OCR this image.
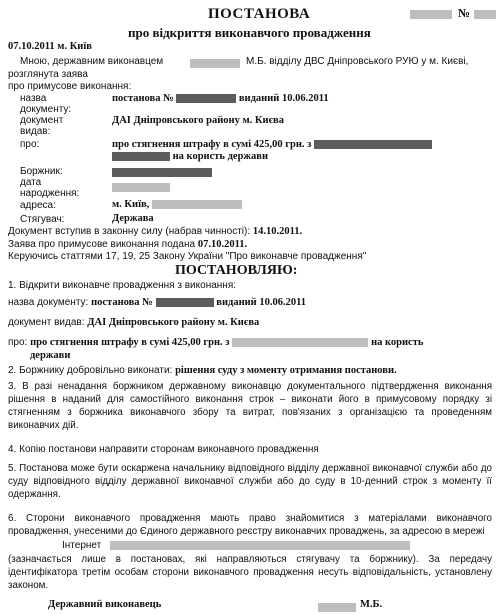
ПОСТАНОВА	№
про відкриття виконавчого провадження
07.10.2011 м. Київ
Мною, державним виконавцем	М.Б. відділу ДВС Дніпровського РУЮ у м. Києві,
розглянута заява
про примусове виконання:
назва документу:
постанова №	виданий 10.06.2011
документ видав:
ДАІ Дніпровського району м. Києва
про:	про стягнення штрафу в сумі 425,00 грн. з
на користь держави
Боржник:
дата народження:
адреса:	м. Київ,
Стягувач:	Держава
Документ вступив в законну силу (набрав чинності): 14.10.2011.
Заява про примусове виконання подана 07.10.2011.
Керуючись статтями 17, 19, 25 Закону України "Про виконавче провадження"
ПОСТАНОВЛЯЮ:
1. Відкрити виконавче провадження з виконання:
назва документу: постанова №	виданий 10.06.2011
документ видав: ДАІ Дніпровського району м. Києва
про: про стягнення штрафу в сумі 425,00 грн. з	на користь
держави
2. Боржнику добровільно виконати: рішення суду з моменту отримання постанови.
3. В разі ненадання боржником державному виконавцю документального підтвердження виконання рішення в наданий для самостійного виконання строк – виконати його в примусовому порядку зі стягненням з боржника виконавчого збору та витрат, пов'язаних з організацією та проведенням виконавчих дій.
4. Копію постанови направити сторонам виконавчого провадження
5. Постанова може бути оскаржена начальнику відповідного відділу державної виконавчої служби або до суду відповідного відділу державної виконавчої служби або до суду в 10-денний строк з моменту її одержання.
6. Сторони виконавчого провадження мають право знайомитися з матеріалами виконавчого провадження, унесеними до Єдиного державного реєстру виконавчих проваджень, за адресою в мережі
Інтернет
(зазначається лише в постановах, які направляються стягувачу та боржнику). За передачу ідентифікатора третім особам сторони виконавчого провадження несуть відповідальність, установлену законом.
Державний виконавець	М.Б.
